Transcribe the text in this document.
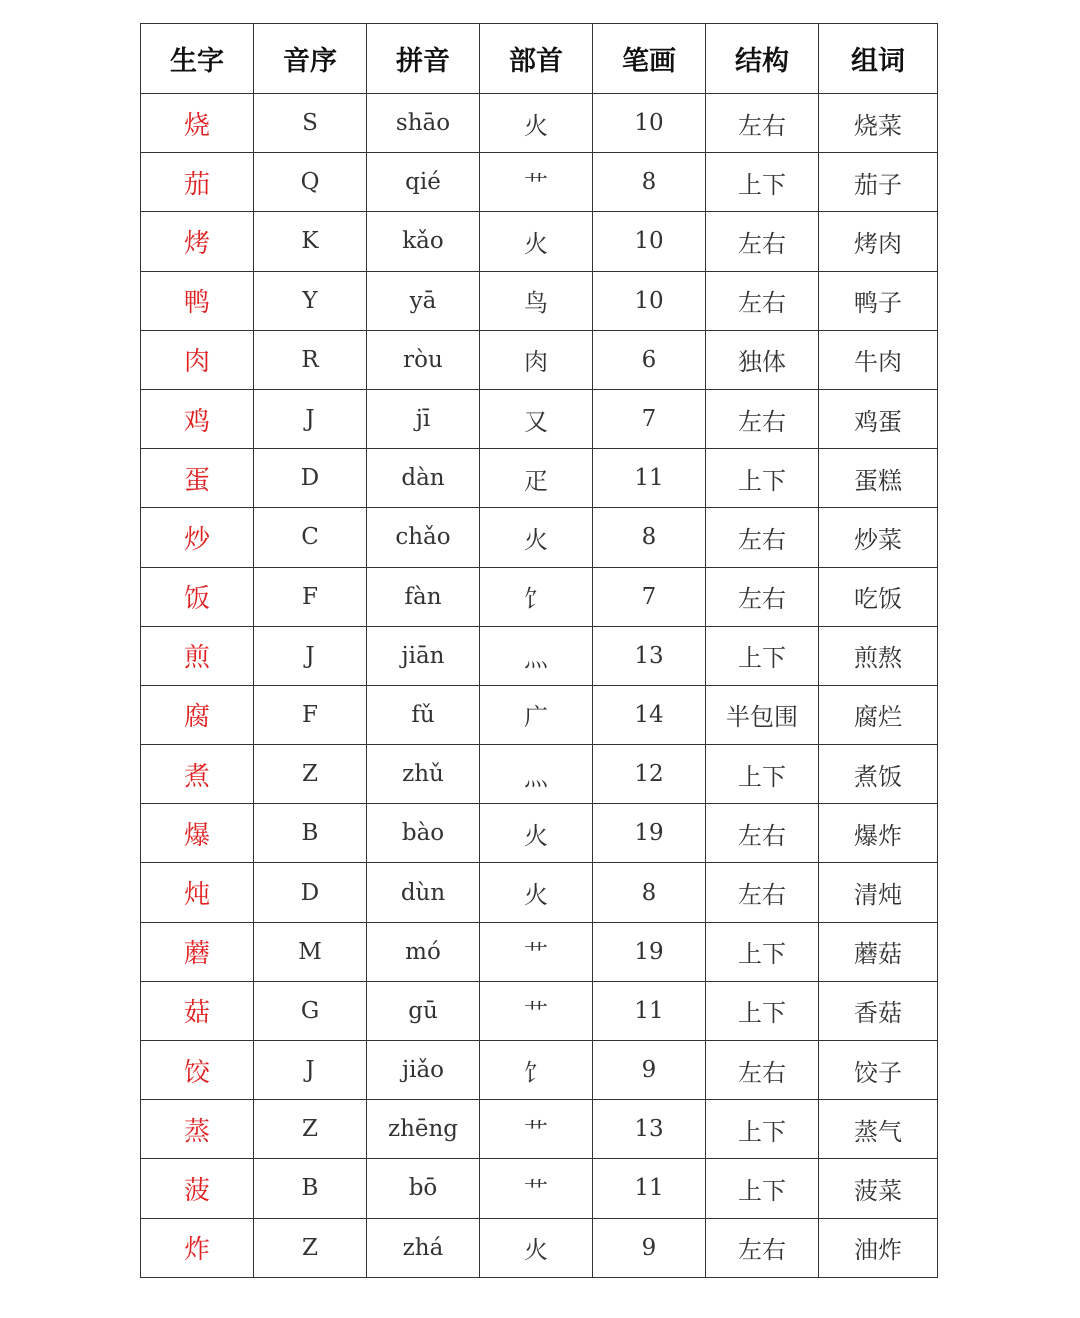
生字	音序	拼音	部首	笔画	结构	组词
烧	S	shāo	火	10	左右	烧菜
茄	Q	qié	艹	8	上下	茄子
烤	K	kǎo	火	10	左右	烤肉
鸭	Y	yā	鸟	10	左右	鸭子
肉	R	ròu	肉	6	独体	牛肉
鸡	J	jī	又	7	左右	鸡蛋
蛋	D	dàn	疋	11	上下	蛋糕
炒	C	chǎo	火	8	左右	炒菜
饭	F	fàn	饣	7	左右	吃饭
煎	J	jiān	灬	13	上下	煎熬
腐	F	fǔ	广	14	半包围	腐烂
煮	Z	zhǔ	灬	12	上下	煮饭
爆	B	bào	火	19	左右	爆炸
炖	D	dùn	火	8	左右	清炖
蘑	M	mó	艹	19	上下	蘑菇
菇	G	gū	艹	11	上下	香菇
饺	J	jiǎo	饣	9	左右	饺子
蒸	Z	zhēng	艹	13	上下	蒸气
菠	B	bō	艹	11	上下	菠菜
炸	Z	zhá	火	9	左右	油炸
